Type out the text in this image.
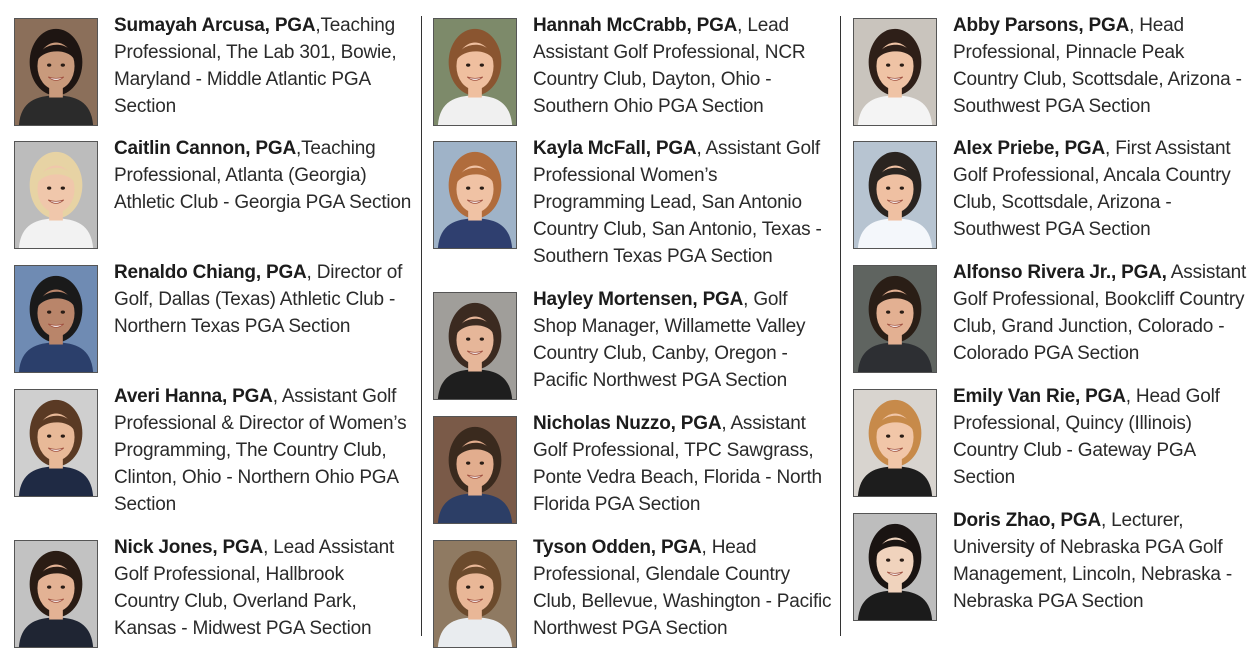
Sumayah Arcusa, PGA,Teaching Professional, The Lab 301, Bowie, Maryland - Middle Atlantic PGA Section
Caitlin Cannon, PGA,Teaching Professional, Atlanta (Georgia) Athletic Club - Georgia PGA Section
Renaldo Chiang, PGA, Director of Golf, Dallas (Texas) Athletic Club - Northern Texas PGA Section
Averi Hanna, PGA, Assistant Golf Professional & Director of Women’s Programming, The Country Club, Clinton, Ohio - Northern Ohio PGA Section
Nick Jones, PGA, Lead Assistant Golf Professional, Hallbrook Country Club, Overland Park, Kansas - Midwest PGA Section
Hannah McCrabb, PGA, Lead Assistant Golf Professional, NCR Country Club, Dayton, Ohio - Southern Ohio PGA Section
Kayla McFall, PGA, Assistant Golf Professional Women’s Programming Lead, San Antonio Country Club, San Antonio, Texas - Southern Texas PGA Section
Hayley Mortensen, PGA, Golf Shop Manager, Willamette Valley Country Club, Canby, Oregon - Pacific Northwest PGA Section
Nicholas Nuzzo, PGA, Assistant Golf Professional, TPC Sawgrass, Ponte Vedra Beach, Florida - North Florida PGA Section
Tyson Odden, PGA, Head Professional, Glendale Country Club, Bellevue, Washington - Pacific Northwest PGA Section
Abby Parsons, PGA, Head Professional, Pinnacle Peak Country Club, Scottsdale, Arizona - Southwest PGA Section
Alex Priebe, PGA, First Assistant Golf Professional, Ancala Country Club, Scottsdale, Arizona - Southwest PGA Section
Alfonso Rivera Jr., PGA, Assistant Golf Professional, Bookcliff Country Club, Grand Junction, Colorado - Colorado PGA Section
Emily Van Rie, PGA, Head Golf Professional, Quincy (Illinois) Country Club - Gateway PGA Section
Doris Zhao, PGA, Lecturer, University of Nebraska PGA Golf Management, Lincoln, Nebraska - Nebraska PGA Section
